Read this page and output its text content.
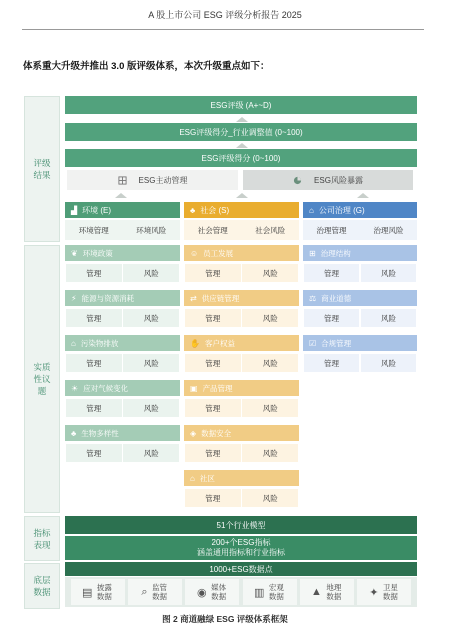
A 股上市公司 ESG 评级分析报告 2025
体系重大升级并推出 3.0 版评级体系，本次升级重点如下：
评级结果
实质性议题
指标表现
底层数据
ESG评级 (A+~D)
ESG评级得分_行业调整值 (0~100)
ESG评级得分 (0~100)
ESG主动管理	ESG风险暴露
▟ 环境 (E)	♣ 社会 (S)	⌂ 公司治理 (G)
环境管理	环境风险	社会管理	社会风险	治理管理	治理风险
❦ 环境政策
管理	风险
⚡ 能源与资源消耗
管理	风险
⌂ 污染物排放
管理	风险
☀ 应对气候变化
管理	风险
♣ 生物多样性
管理	风险
☺ 员工发展
管理	风险
⇄ 供应链管理
管理	风险
✋ 客户权益
管理	风险
▣ 产品管理
管理	风险
◈ 数据安全
管理	风险
⌂ 社区
管理	风险
⊞ 治理结构
管理	风险
⚖ 商业道德
管理	风险
☑ 合规管理
管理	风险
51个行业模型
200+个ESG指标
涵盖通用指标和行业指标
1000+ESG数据点
▤ 披露数据	⌕ 监管数据	◉ 媒体数据	▥ 宏观数据 ▲ 地理数据	✦ 卫星数据
图 2 商道融绿 ESG 评级体系框架
